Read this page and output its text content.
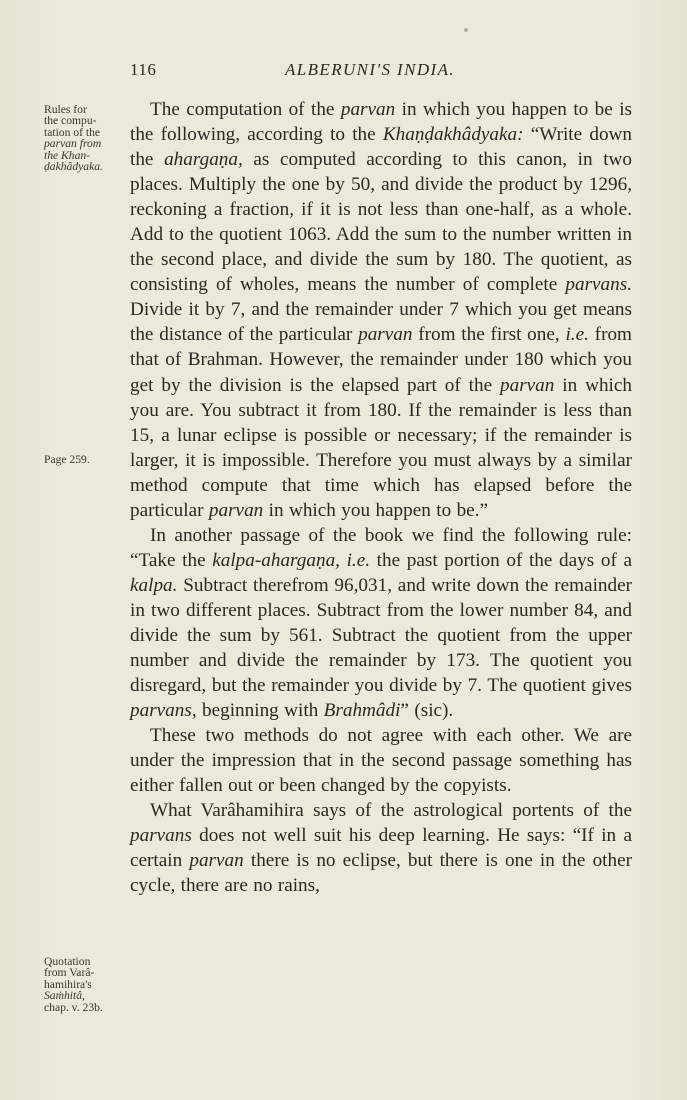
116	ALBERUNI'S INDIA.
Rules for
the compu-
tation of the
parvan from
the Khan-
ḍakhâdyaka.
Page 259.
Quotation
from Varâ-
hamihira's
Saṁhitâ,
chap. v. 23b.

The computation of the parvan in which you happen to be is the following, according to the Khaṇḍakhâdyaka: “Write down the ahargaṇa, as computed according to this canon, in two places. Multiply the one by 50, and divide the product by 1296, reckoning a fraction, if it is not less than one-half, as a whole. Add to the quotient 1063. Add the sum to the number written in the second place, and divide the sum by 180. The quotient, as consisting of wholes, means the number of complete parvans. Divide it by 7, and the remainder under 7 which you get means the distance of the particular parvan from the first one, i.e. from that of Brahman. However, the remainder under 180 which you get by the division is the elapsed part of the parvan in which you are. You subtract it from 180. If the remainder is less than 15, a lunar eclipse is possible or necessary; if the remainder is larger, it is impossible. Therefore you must always by a similar method compute that time which has elapsed before the particular parvan in which you happen to be.”

In another passage of the book we find the following rule: “Take the kalpa-ahargaṇa, i.e. the past portion of the days of a kalpa. Subtract therefrom 96,031, and write down the remainder in two different places. Subtract from the lower number 84, and divide the sum by 561. Subtract the quotient from the upper number and divide the remainder by 173. The quotient you disregard, but the remainder you divide by 7. The quotient gives parvans, beginning with Brahmâdi” (sic).

These two methods do not agree with each other. We are under the impression that in the second passage something has either fallen out or been changed by the copyists.

What Varâhamihira says of the astrological portents of the parvans does not well suit his deep learning. He says: “If in a certain parvan there is no eclipse, but there is one in the other cycle, there are no rains,
